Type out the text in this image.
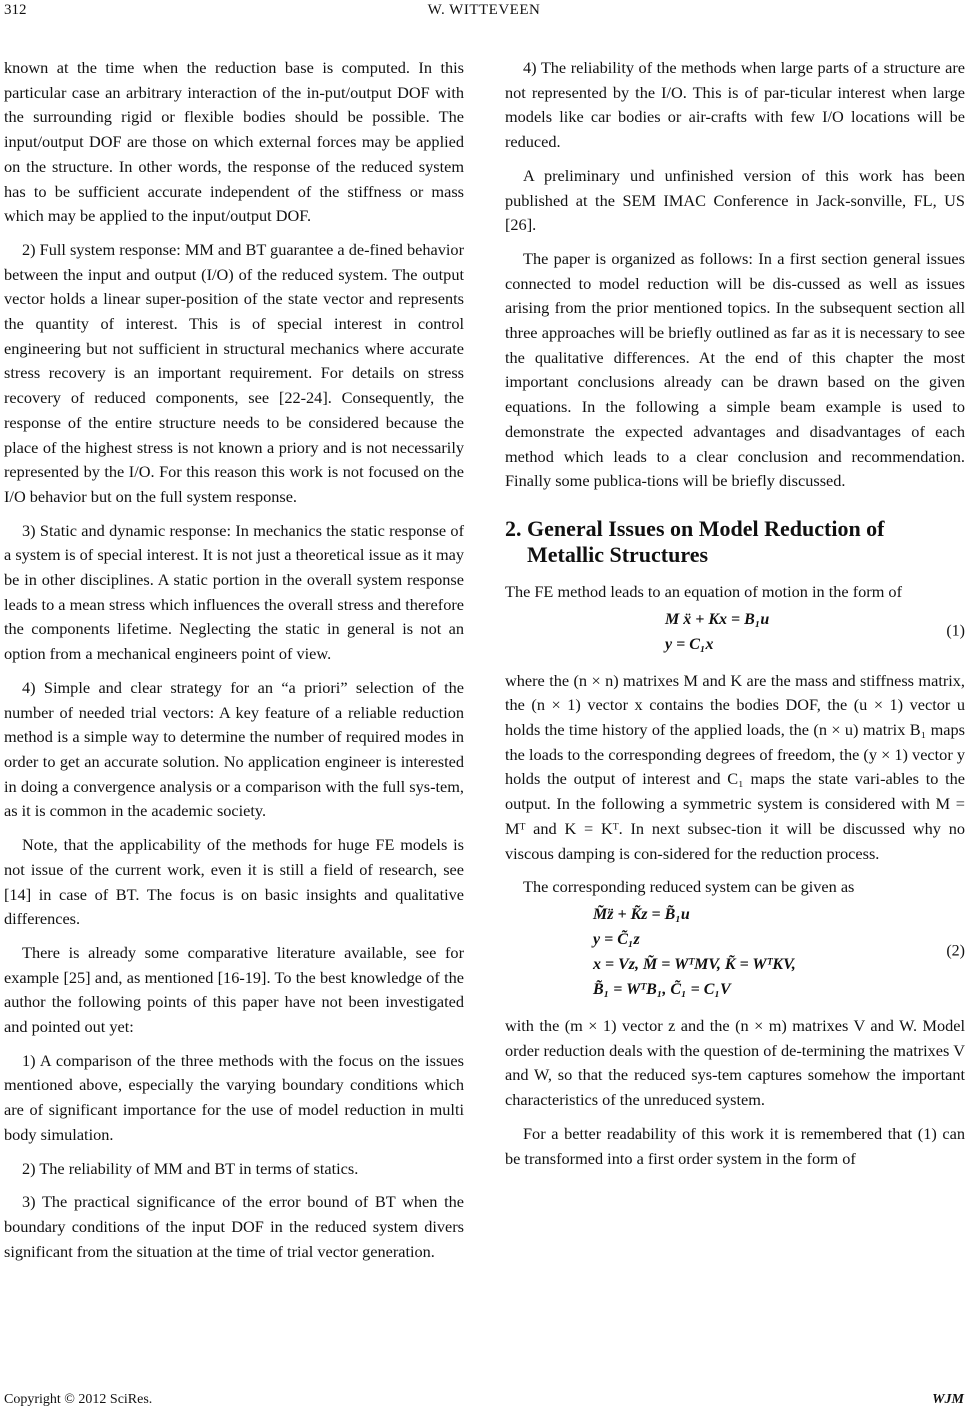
312	W. WITTEVEEN

known at the time when the reduction base is computed. In this particular case an arbitrary interaction of the in-put/output DOF with the surrounding rigid or flexible bodies should be possible. The input/output DOF are those on which external forces may be applied on the structure. In other words, the response of the reduced system has to be sufficient accurate independent of the stiffness or mass which may be applied to the input/output DOF.

2) Full system response: MM and BT guarantee a de-fined behavior between the input and output (I/O) of the reduced system. The output vector holds a linear super-position of the state vector and represents the quantity of interest. This is of special interest in control engineering but not sufficient in structural mechanics where accurate stress recovery is an important requirement. For details on stress recovery of reduced components, see [22-24]. Consequently, the response of the entire structure needs to be considered because the place of the highest stress is not known a priory and is not necessarily represented by the I/O. For this reason this work is not focused on the I/O behavior but on the full system response.

3) Static and dynamic response: In mechanics the static response of a system is of special interest. It is not just a theoretical issue as it may be in other disciplines. A static portion in the overall system response leads to a mean stress which influences the overall stress and therefore the components lifetime. Neglecting the static in general is not an option from a mechanical engineers point of view.

4) Simple and clear strategy for an “a priori” selection of the number of needed trial vectors: A key feature of a reliable reduction method is a simple way to determine the number of required modes in order to get an accurate solution. No application engineer is interested in doing a convergence analysis or a comparison with the full sys-tem, as it is common in the academic society.

Note, that the applicability of the methods for huge FE models is not issue of the current work, even it is still a field of research, see [14] in case of BT. The focus is on basic insights and qualitative differences.

There is already some comparative literature available, see for example [25] and, as mentioned [16-19]. To the best knowledge of the author the following points of this paper have not been investigated and pointed out yet:

1) A comparison of the three methods with the focus on the issues mentioned above, especially the varying boundary conditions which are of significant importance for the use of model reduction in multi body simulation.

2) The reliability of MM and BT in terms of statics.

3) The practical significance of the error bound of BT when the boundary conditions of the input DOF in the reduced system divers significant from the situation at the time of trial vector generation.

4) The reliability of the methods when large parts of a structure are not represented by the I/O. This is of par-ticular interest when large models like car bodies or air-crafts with few I/O locations will be reduced.

A preliminary und unfinished version of this work has been published at the SEM IMAC Conference in Jack-sonville, FL, US [26].

The paper is organized as follows: In a first section general issues connected to model reduction will be dis-cussed as well as issues arising from the prior mentioned topics. In the subsequent section all three approaches will be briefly outlined as far as it is necessary to see the qualitative differences. At the end of this chapter the most important conclusions already can be drawn based on the given equations. In the following a simple beam example is used to demonstrate the expected advantages and disadvantages of each method which leads to a clear conclusion and recommendation. Finally some publica-tions will be briefly discussed.

2. General Issues on Model Reduction of Metallic Structures

The FE method leads to an equation of motion in the form of

M ẍ + Kx = B₁u
y = C₁x
(1)

where the (n × n) matrixes M and K are the mass and stiffness matrix, the (n × 1) vector x contains the bodies DOF, the (u × 1) vector u holds the time history of the applied loads, the (n × u) matrix B₁ maps the loads to the corresponding degrees of freedom, the (y × 1) vector y holds the output of interest and C₁ maps the state vari-ables to the output. In the following a symmetric system is considered with M = Mᵀ and K = Kᵀ. In next subsec-tion it will be discussed why no viscous damping is con-sidered for the reduction process.

The corresponding reduced system can be given as

M̃z̈ + K̃z = B̃₁u
y = C̃₁z
x = Vz, M̃ = WᵀMV, K̃ = WᵀKV,
B̃₁ = WᵀB₁, C̃₁ = C₁V
(2)

with the (m × 1) vector z and the (n × m) matrixes V and W. Model order reduction deals with the question of de-termining the matrixes V and W, so that the reduced sys-tem captures somehow the important characteristics of the unreduced system.

For a better readability of this work it is remembered that (1) can be transformed into a first order system in the form of

Copyright © 2012 SciRes.	WJM
